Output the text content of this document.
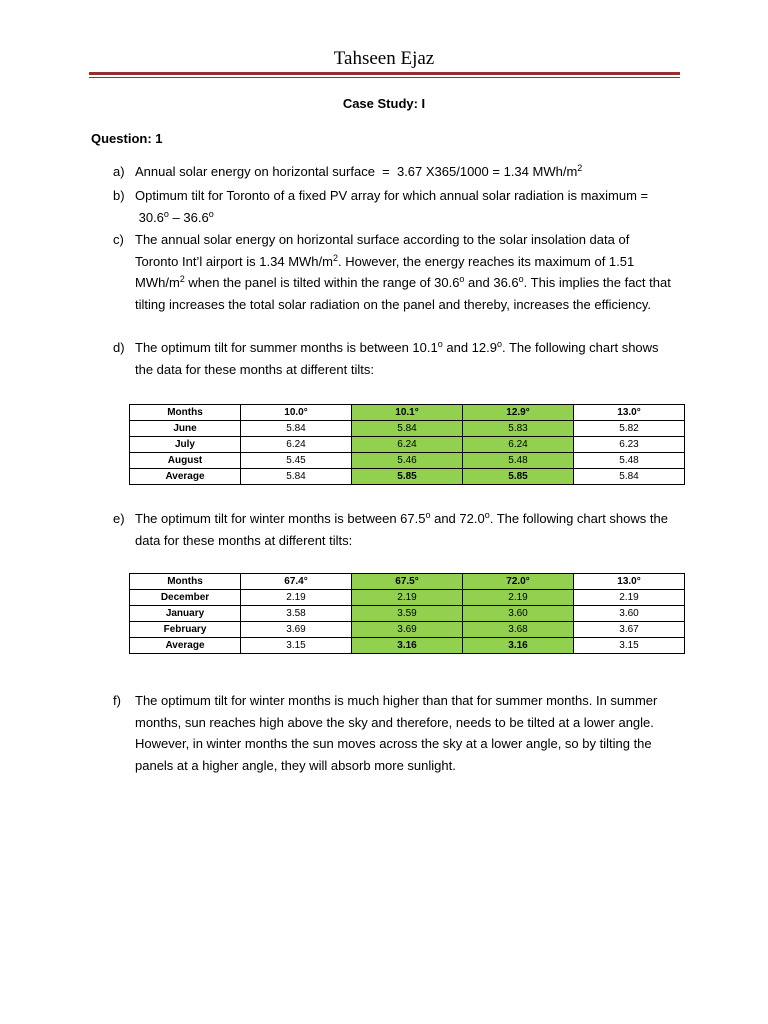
Tahseen Ejaz
Case Study: I
Question: 1
a) Annual solar energy on horizontal surface  =  3.67 X365/1000 = 1.34 MWh/$m^2$
b) Optimum tilt for Toronto of a fixed PV array for which annual solar radiation is maximum =  30.6$^o$ – 36.6$^o$
c) The annual solar energy on horizontal surface according to the solar insolation data of Toronto Int’l airport is 1.34 MWh/$m^2$. However, the energy reaches its maximum of 1.51 MWh/$m^2$ when the panel is tilted within the range of 30.6$^o$ and 36.6$^o$. This implies the fact that tilting increases the total solar radiation on the panel and thereby, increases the efficiency.
d) The optimum tilt for summer months is between 10.1$^o$ and 12.9$^o$. The following chart shows the data for these months at different tilts:
Months	10.0°	10.1°	12.9°	13.0°
June	5.84	5.84	5.83	5.82
July	6.24	6.24	6.24	6.23
August	5.45	5.46	5.48	5.48
Average	5.84	5.85	5.85	5.84
e) The optimum tilt for winter months is between 67.5$^o$ and 72.0$^o$. The following chart shows the data for these months at different tilts:
Months	67.4°	67.5°	72.0°	13.0°
December	2.19	2.19	2.19	2.19
January	3.58	3.59	3.60	3.60
February	3.69	3.69	3.68	3.67
Average	3.15	3.16	3.16	3.15
f)	The optimum tilt for winter months is much higher than that for summer months. In summer months, sun reaches high above the sky and therefore, needs to be tilted at a lower angle. However, in winter months the sun moves across the sky at a lower angle, so by tilting the panels at a higher angle, they will absorb more sunlight.
